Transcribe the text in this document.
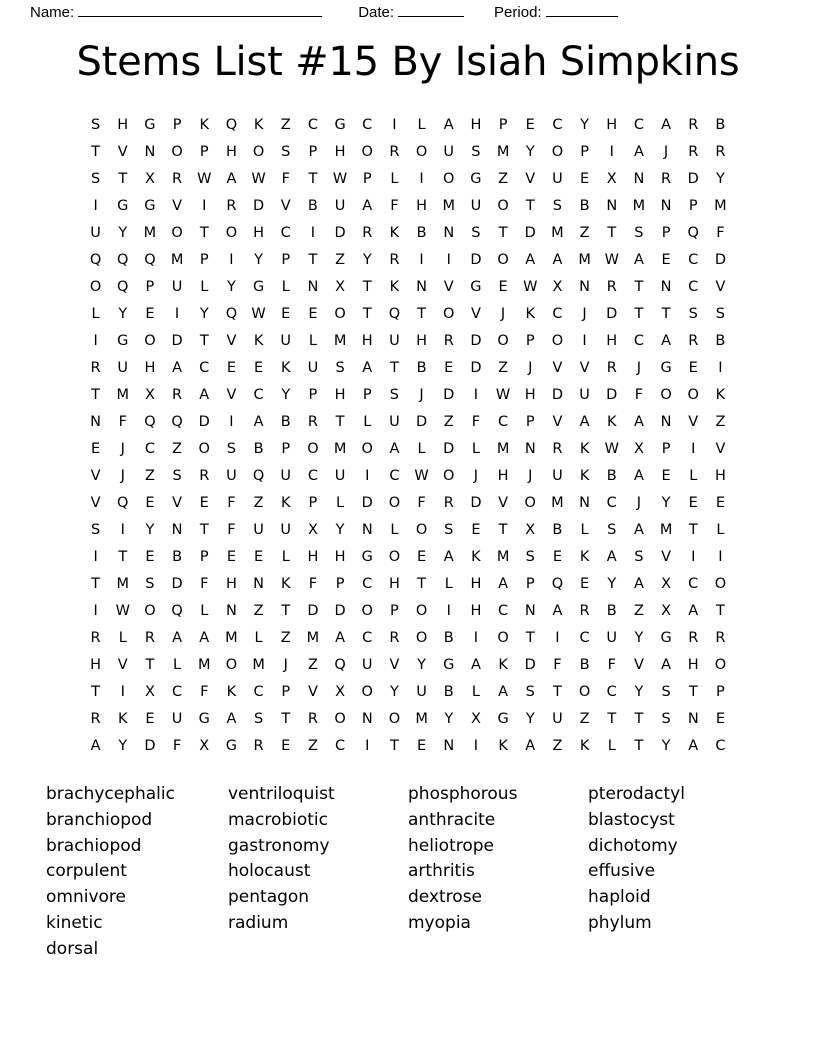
Name:	Date:	Period:
Stems List #15 By Isiah Simpkins
S	H	G	P	K	Q	K	Z	C	G	C	I	L	A	H	P	E	C	Y	H	C	A	R	B
T	V	N	O	P	H	O	S	P	H	O	R	O	U	S	M	Y	O	P	I	A	J	R	R
S	T	X	R	W	A	W	F	T	W	P	L	I	O	G	Z	V	U	E	X	N	R	D	Y
I	G	G	V	I	R	D	V	B	U	A	F	H	M	U	O	T	S	B	N	M	N	P	M
U	Y	M	O	T	O	H	C	I	D	R	K	B	N	S	T	D	M	Z	T	S	P	Q	F
Q	Q	Q	M	P	I	Y	P	T	Z	Y	R	I	I	D	O	A	A	M W	A	E	C	D
O	Q	P	U	L	Y	G	L	N	X	T	K	N	V	G	E	W	X	N	R	T	N	C	V
L	Y	E	I	Y	Q W	E	E	O	T	Q	T	O	V	J	K	C	J	D	T	T	S	S
I	G	O	D	T	V	K	U	L	M	H	U	H	R	D	O	P	O	I	H	C	A	R	B
R	U	H	A	C	E	E	K	U	S	A	T	B	E	D	Z	J	V	V	R	J	G	E	I
T	M	X	R	A	V	C	Y	P	H	P	S	J	D	I	W	H	D	U	D	F	O	O	K
N	F	Q	Q	D	I	A	B	R	T	L	U	D	Z	F	C	P	V	A	K	A	N	V	Z
E	J	C	Z	O	S	B	P	O	M	O	A	L	D	L	M	N	R	K	W	X	P	I	V
V	J	Z	S	R	U	Q	U	C	U	I	C	W O	J	H	J	U	K	B	A	E	L	H
V	Q	E	V	E	F	Z	K	P	L	D	O	F	R	D	V	O	M	N	C	J	Y	E	E
S	I	Y	N	T	F	U	U	X	Y	N	L	O	S	E	T	X	B	L	S	A	M	T	L
I	T	E	B	P	E	E	L	H	H	G	O	E	A	K	M	S	E	K	A	S	V	I	I
T	M	S	D	F	H	N	K	F	P	C	H	T	L	H	A	P	Q	E	Y	A	X	C	O
I	W O	Q	L	N	Z	T	D	D	O	P	O	I	H	C	N	A	R	B	Z	X	A	T
R	L	R	A	A	M	L	Z	M	A	C	R	O	B	I	O	T	I	C	U	Y	G	R	R
H	V	T	L	M	O	M	J	Z	Q	U	V	Y	G	A	K	D	F	B	F	V	A	H	O
T	I	X	C	F	K	C	P	V	X	O	Y	U	B	L	A	S	T	O	C	Y	S	T	P
R	K	E	U	G	A	S	T	R	O	N	O	M	Y	X	G	Y	U	Z	T	T	S	N	E
A	Y	D	F	X	G	R	E	Z	C	I	T	E	N	I	K	A	Z	K	L	T	Y	A	C
brachycephalic
branchiopod
brachiopod
corpulent
omnivore
kinetic
dorsal
ventriloquist
macrobiotic
gastronomy
holocaust
pentagon
radium
phosphorous
anthracite
heliotrope
arthritis
dextrose
myopia
pterodactyl
blastocyst
dichotomy
effusive
haploid
phylum
